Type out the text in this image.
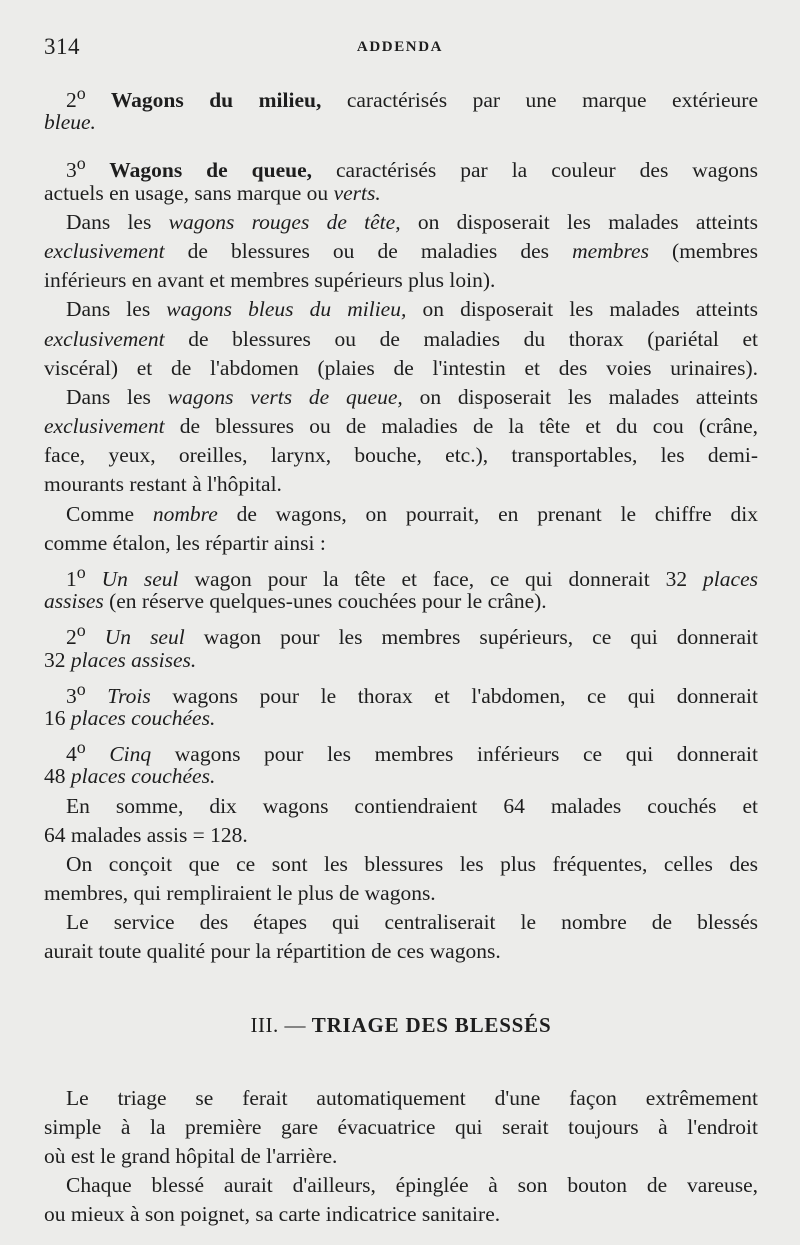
314	ADDENDA
2$^o$ Wagons du milieu, caractérisés par une marque extérieure
bleue.
3$^o$ Wagons de queue, caractérisés par la couleur des wagons
actuels en usage, sans marque ou verts.
Dans les wagons rouges de tête, on disposerait les malades atteints
exclusivement de blessures ou de maladies des membres (membres
inférieurs en avant et membres supérieurs plus loin).
Dans les wagons bleus du milieu, on disposerait les malades atteints
exclusivement de blessures ou de maladies du thorax (pariétal et
viscéral) et de l'abdomen (plaies de l'intestin et des voies urinaires).
Dans les wagons verts de queue, on disposerait les malades atteints
exclusivement de blessures ou de maladies de la tête et du cou (crâne,
face, yeux, oreilles, larynx, bouche, etc.), transportables, les demi-
mourants restant à l'hôpital.
Comme nombre de wagons, on pourrait, en prenant le chiffre dix
comme étalon, les répartir ainsi :
1$^o$ Un seul wagon pour la tête et face, ce qui donnerait 32 places
assises (en réserve quelques-unes couchées pour le crâne).
2$^o$ Un seul wagon pour les membres supérieurs, ce qui donnerait
32 places assises.
3$^o$ Trois wagons pour le thorax et l'abdomen, ce qui donnerait
16 places couchées.
4$^o$ Cinq wagons pour les membres inférieurs ce qui donnerait
48 places couchées.
En somme, dix wagons contiendraient 64 malades couchés et
64 malades assis = 128.
On conçoit que ce sont les blessures les plus fréquentes, celles des
membres, qui rempliraient le plus de wagons.
Le service des étapes qui centraliserait le nombre de blessés
aurait toute qualité pour la répartition de ces wagons.
III. — TRIAGE DES BLESSÉS
Le triage se ferait automatiquement d'une façon extrêmement
simple à la première gare évacuatrice qui serait toujours à l'endroit
où est le grand hôpital de l'arrière.
Chaque blessé aurait d'ailleurs, épinglée à son bouton de vareuse,
ou mieux à son poignet, sa carte indicatrice sanitaire.
